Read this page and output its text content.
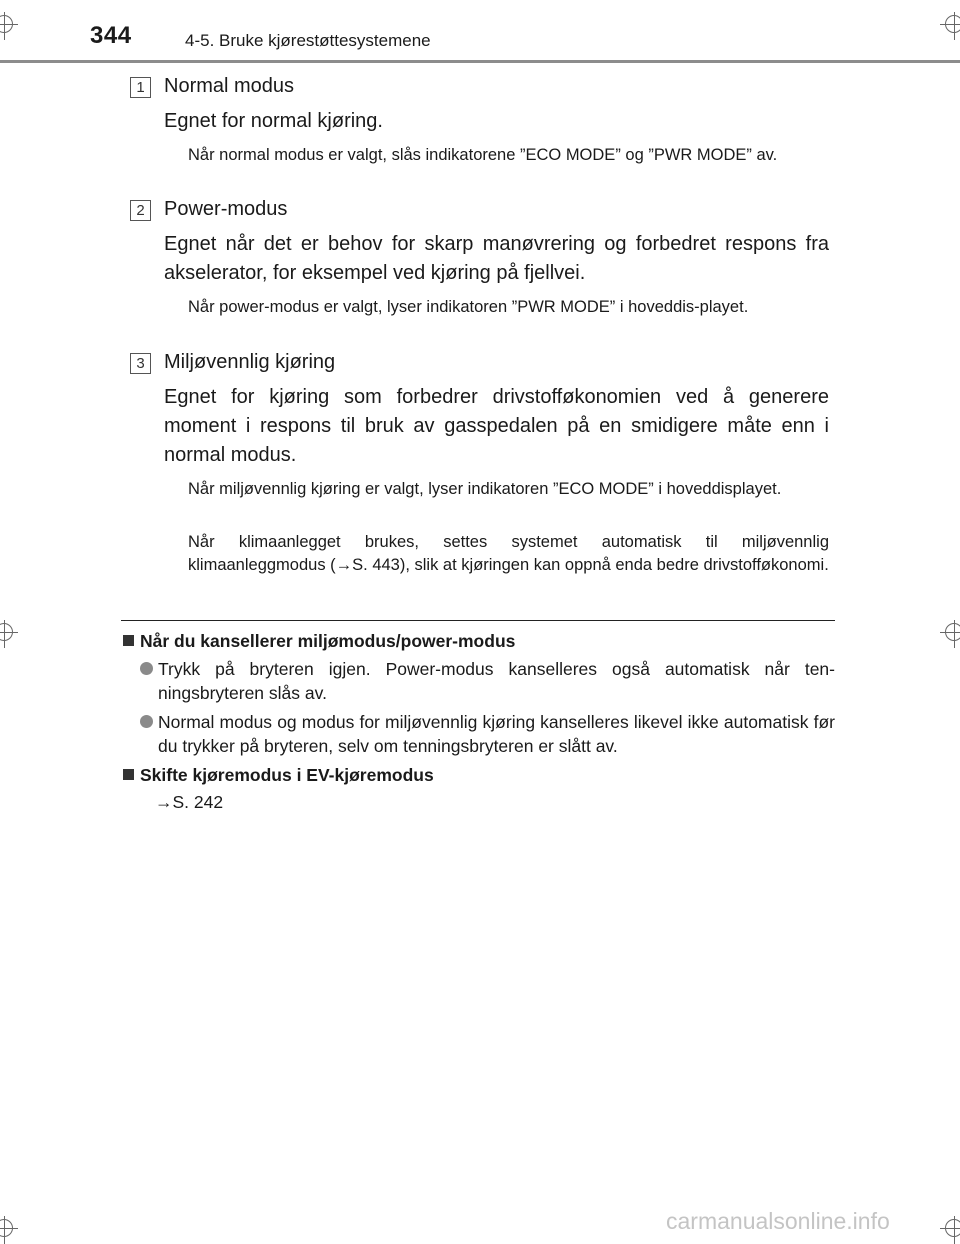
344	4-5. Bruke kjørestøttesystemene
1 Normal modus
Egnet for normal kjøring.
Når normal modus er valgt, slås indikatorene ”ECO MODE” og ”PWR MODE” av.
2 Power-modus
Egnet når det er behov for skarp manøvrering og forbedret respons fra akselerator, for eksempel ved kjøring på fjellvei.
Når power-modus er valgt, lyser indikatoren ”PWR MODE” i hoveddis-playet.
3 Miljøvennlig kjøring
Egnet for kjøring som forbedrer drivstofføkonomien ved å generere moment i respons til bruk av gasspedalen på en smidigere måte enn i normal modus.
Når miljøvennlig kjøring er valgt, lyser indikatoren ”ECO MODE” i hoveddisplayet.
Når klimaanlegget brukes, settes systemet automatisk til miljøvennlig klimaanleggmodus (→S. 443), slik at kjøringen kan oppnå enda bedre drivstofføkonomi.
Når du kansellerer miljømodus/power-modus
Trykk på bryteren igjen. Power-modus kanselleres også automatisk når ten-ningsbryteren slås av.
Normal modus og modus for miljøvennlig kjøring kanselleres likevel ikke automatisk før du trykker på bryteren, selv om tenningsbryteren er slått av.
Skifte kjøremodus i EV-kjøremodus
→S. 242
carmanualsonline.info
